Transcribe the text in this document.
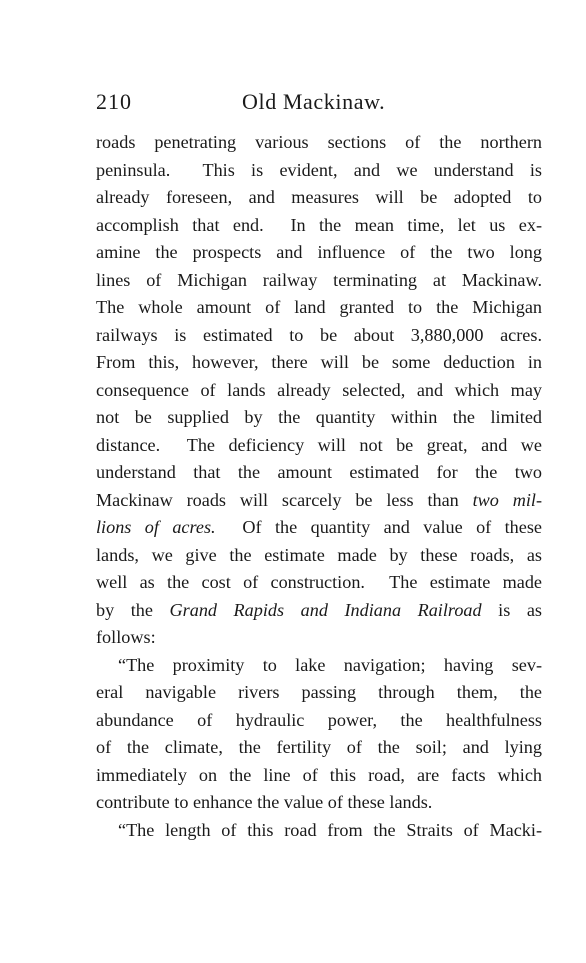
210	Old Mackinaw.
roads penetrating various sections of the northern
peninsula.  This is evident, and we understand is
already foreseen, and measures will be adopted to
accomplish that end.  In the mean time, let us ex-
amine the prospects and influence of the two long
lines of Michigan railway terminating at Mackinaw.
The whole amount of land granted to the Michigan
railways is estimated to be about 3,880,000 acres.
From this, however, there will be some deduction in
consequence of lands already selected, and which may
not be supplied by the quantity within the limited
distance.  The deficiency will not be great, and we
understand that the amount estimated for the two
Mackinaw roads will scarcely be less than two mil-
lions of acres.  Of the quantity and value of these
lands, we give the estimate made by these roads, as
well as the cost of construction.  The estimate made
by the Grand Rapids and Indiana Railroad is as
follows:
“The proximity to lake navigation; having sev-
eral navigable rivers passing through them, the
abundance of hydraulic power, the healthfulness
of the climate, the fertility of the soil; and lying
immediately on the line of this road, are facts which
contribute to enhance the value of these lands.
“The length of this road from the Straits of Macki-
